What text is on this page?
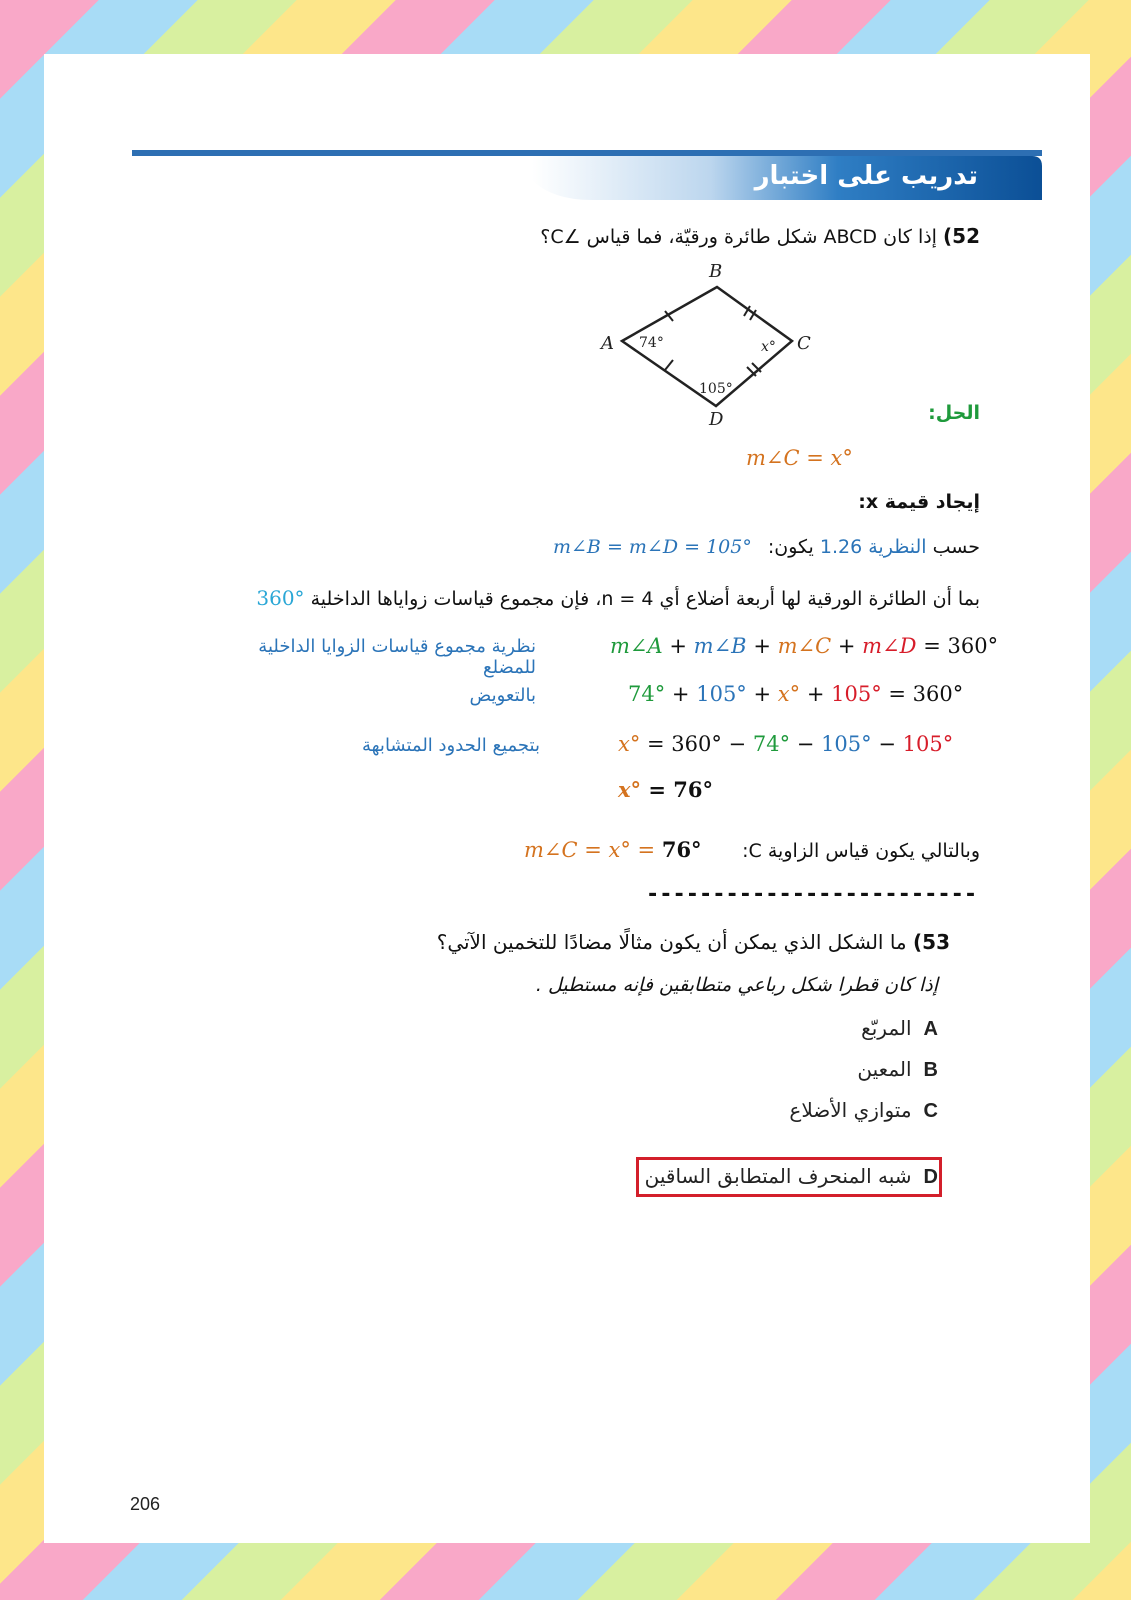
تدريب على اختبار
52) إذا كان ABCD شكل طائرة ورقيّة، فما قياس ∠C؟
A
B
C
D
74°	x°
105°
الحل:
m∠C = x°
إيجاد قيمة x:
حسب النظرية 1.26 يكون: m∠B = m∠D = 105°
بما أن الطائرة الورقية لها أربعة أضلاع أي n = 4، فإن مجموع قياسات زواياها الداخلية 360°
m∠A + m∠B + m∠C + m∠D = 360°
نظرية مجموع قياسات الزوايا الداخلية للمضلع
74° + 105° + x° + 105° = 360°
بالتعويض
x° = 360° − 74° − 105° − 105°
بتجميع الحدود المتشابهة
x° = 76°
وبالتالي يكون قياس الزاوية C:
m∠C = x° = 76°
-------------------------
53) ما الشكل الذي يمكن أن يكون مثالًا مضادًا للتخمين الآتي؟
إذا كان قطرا شكل رباعي متطابقين فإنه مستطيل .
Aالمربّع
Bالمعين
Cمتوازي الأضلاع
Dشبه المنحرف المتطابق الساقين
206
